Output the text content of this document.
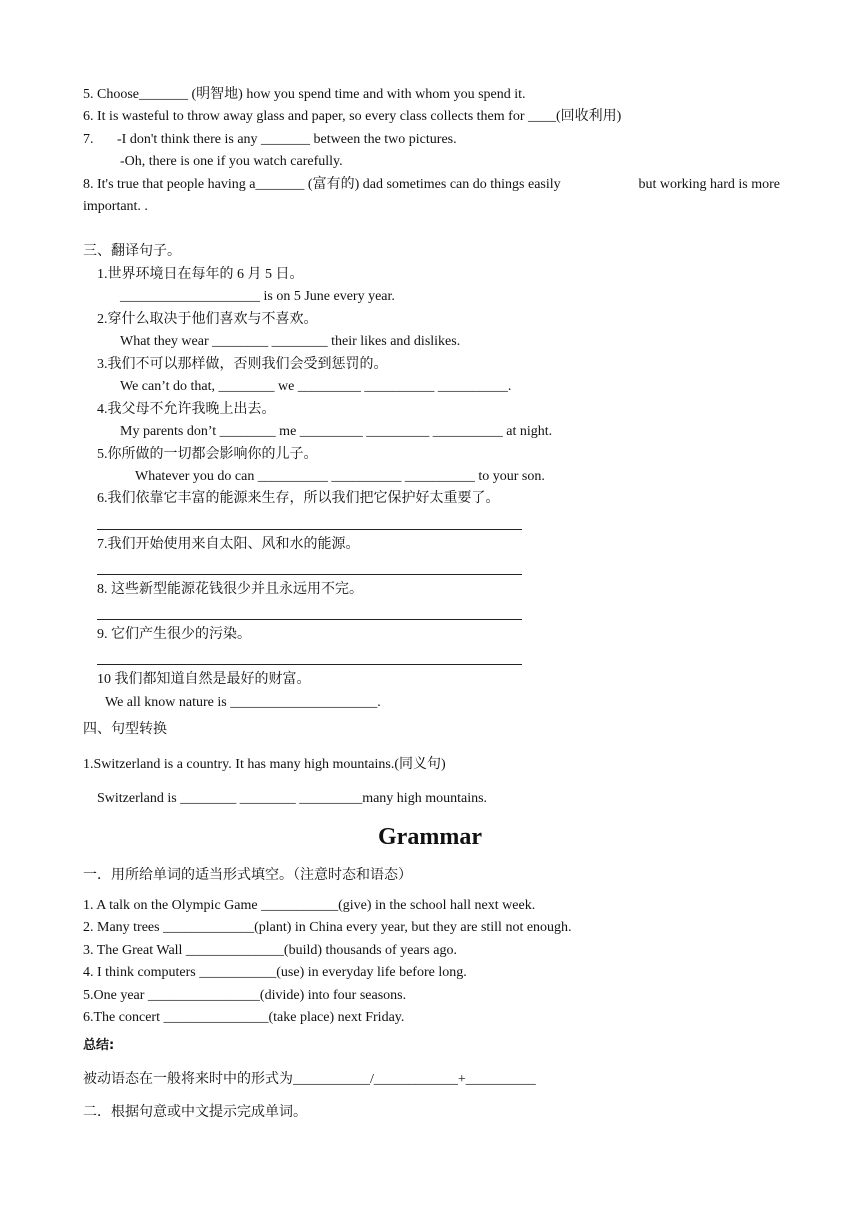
5. Choose_______ (明智地) how you spend time and with whom you spend it.
6. It is wasteful to throw away glass and paper, so every class collects them for ____(回收利用)
7. -I don't think there is any _______ between the two pictures.
-Oh, there is one if you watch carefully.
8. It's true that people having a_______ (富有的) dad sometimes can do things easily	but working hard is more
important. .
三、翻译句子。
1.世界环境日在每年的 6 月 5 日。
____________________ is on 5 June every year.
2.穿什么取决于他们喜欢与不喜欢。
What they wear ________ ________ their likes and dislikes.
3.我们不可以那样做，否则我们会受到惩罚的。
We can’t do that, ________ we _________ __________ __________.
4.我父母不允许我晚上出去。
My parents don’t ________ me _________ _________ __________ at night.
5.你所做的一切都会影响你的儿子。
Whatever you do can __________ __________ __________ to your son.
6.我们依靠它丰富的能源来生存，所以我们把它保护好太重要了。
7.我们开始使用来自太阳、风和水的能源。
8. 这些新型能源花钱很少并且永远用不完。
9. 它们产生很少的污染。
10 我们都知道自然是最好的财富。
We all know nature is _____________________.
四、句型转换
1.Switzerland is a country. It has many high mountains.(同义句)
Switzerland is ________ ________ _________many high mountains.
Grammar
一．用所给单词的适当形式填空。（注意时态和语态）
1. A talk on the Olympic Game ___________(give) in the school hall next week.
2. Many trees _____________(plant) in China every year, but they are still not enough.
3. The Great Wall ______________(build) thousands of years ago.
4. I think computers ___________(use) in everyday life before long.
5.One year ________________(divide) into four seasons.
6.The concert _______________(take place) next Friday.
总结:
被动语态在一般将来时中的形式为___________/____________+__________
二．根据句意或中文提示完成单词。
